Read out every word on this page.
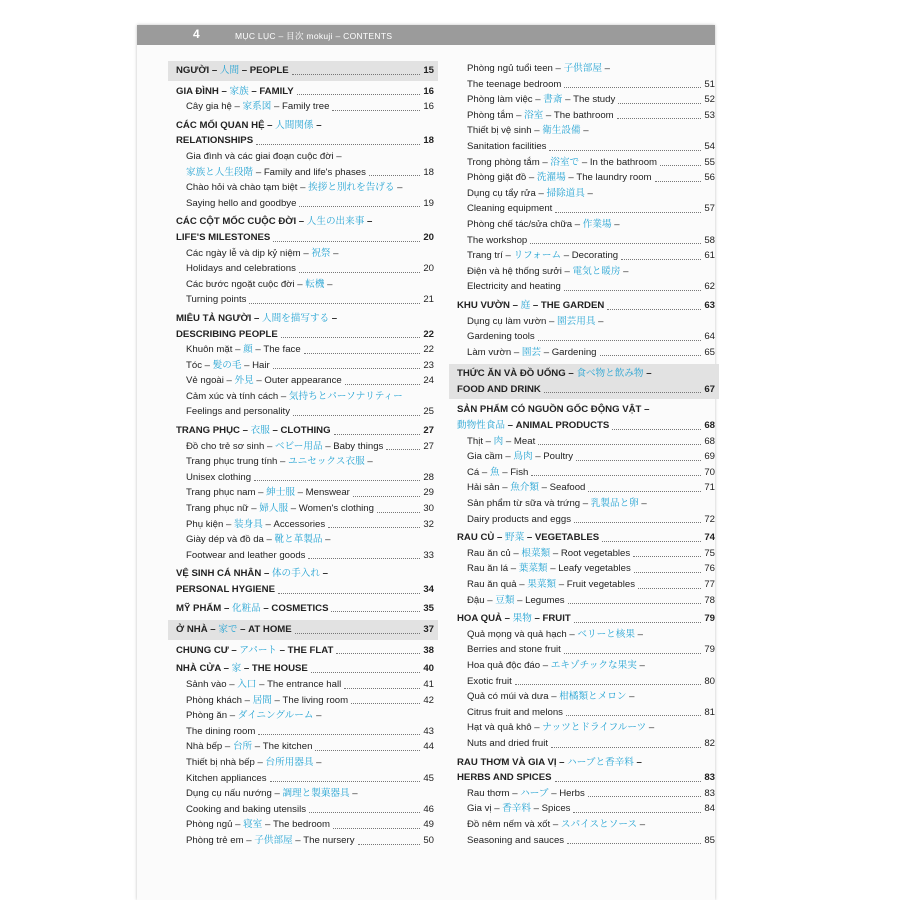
4	MỤC LỤC – 目次 mokuji – CONTENTS
NGƯỜI – 人間 – PEOPLE	15
GIA ĐÌNH – 家族 – FAMILY	16
Cây gia hệ – 家系図 – Family tree	16
CÁC MỐI QUAN HỆ – 人間関係 –
RELATIONSHIPS	18
Gia đình và các giai đoạn cuộc đời –
家族と人生段階 – Family and life's phases	18
Chào hỏi và chào tạm biệt – 挨拶と別れを告げる –
Saying hello and goodbye	19
CÁC CỘT MỐC CUỘC ĐỜI – 人生の出来事 –
LIFE'S MILESTONES	20
Các ngày lễ và dịp kỷ niệm – 祝祭 –
Holidays and celebrations	20
Các bước ngoặt cuộc đời – 転機 –
Turning points	21
MIÊU TẢ NGƯỜI – 人間を描写する –
DESCRIBING PEOPLE	22
Khuôn mặt – 顔 – The face	22
Tóc – 髪の毛 – Hair	23
Vẻ ngoài – 外見 – Outer appearance	24
Cảm xúc và tính cách – 気持ちとパーソナリティー
Feelings and personality	25
TRANG PHỤC – 衣服 – CLOTHING	27
Đồ cho trẻ sơ sinh – ベビー用品 – Baby things	27
Trang phục trung tính – ユニセックス衣服 –
Unisex clothing	28
Trang phục nam – 紳士服 – Menswear	29
Trang phục nữ – 婦人服 – Women's clothing	30
Phụ kiện – 装身具 – Accessories	32
Giày dép và đồ da – 靴と革製品 –
Footwear and leather goods	33
VỆ SINH CÁ NHÂN – 体の手入れ –
PERSONAL HYGIENE	34
MỸ PHẨM – 化粧品 – COSMETICS	35
Ở NHÀ – 家で – AT HOME	37
CHUNG CƯ – アパート – THE FLAT	38
NHÀ CỬA – 家 – THE HOUSE	40
Sảnh vào – 入口 – The entrance hall	41
Phòng khách – 居間 – The living room	42
Phòng ăn – ダイニングルーム –
The dining room	43
Nhà bếp – 台所 – The kitchen	44
Thiết bị nhà bếp – 台所用器具 –
Kitchen appliances	45
Dụng cụ nấu nướng – 調理と製菓器具 –
Cooking and baking utensils	46
Phòng ngủ – 寝室 – The bedroom	49
Phòng trẻ em – 子供部屋 – The nursery	50
Phòng ngủ tuổi teen – 子供部屋 –
The teenage bedroom	51
Phòng làm việc – 書斎 – The study	52
Phòng tắm – 浴室 – The bathroom	53
Thiết bị vệ sinh – 衛生設備 –
Sanitation facilities	54
Trong phòng tắm – 浴室で – In the bathroom	55
Phòng giặt đồ – 洗濯場 – The laundry room	56
Dụng cụ tẩy rửa – 掃除道具 –
Cleaning equipment	57
Phòng chế tác/sửa chữa – 作業場 –
The workshop	58
Trang trí – リフォーム – Decorating	61
Điện và hệ thống sưởi – 電気と暖房 –
Electricity and heating	62
KHU VƯỜN – 庭 – THE GARDEN	63
Dụng cụ làm vườn – 園芸用具 –
Gardening tools	64
Làm vườn – 園芸 – Gardening	65
THỨC ĂN VÀ ĐỒ UỐNG – 食べ物と飲み物 –
FOOD AND DRINK	67
SẢN PHẨM CÓ NGUỒN GỐC ĐỘNG VẬT –
動物性食品 – ANIMAL PRODUCTS	68
Thịt – 肉 – Meat	68
Gia cầm – 鳥肉 – Poultry	69
Cá – 魚 – Fish	70
Hải sản – 魚介類 – Seafood	71
Sản phẩm từ sữa và trứng – 乳製品と卵 –
Dairy products and eggs	72
RAU CỦ – 野菜 – VEGETABLES	74
Rau ăn củ – 根菜類 – Root vegetables	75
Rau ăn lá – 葉菜類 – Leafy vegetables	76
Rau ăn quả – 果菜類 – Fruit vegetables	77
Đậu – 豆類 – Legumes	78
HOA QUẢ – 果物 – FRUIT	79
Quả mọng và quả hạch – ベリーと核果 –
Berries and stone fruit	79
Hoa quả độc đáo – エキゾチックな果実 –
Exotic fruit	80
Quả có múi và dưa – 柑橘類とメロン –
Citrus fruit and melons	81
Hạt và quả khô – ナッツとドライフルーツ –
Nuts and dried fruit	82
RAU THƠM VÀ GIA VỊ – ハーブと香辛料 –
HERBS AND SPICES	83
Rau thơm – ハーブ – Herbs	83
Gia vị – 香辛料 – Spices	84
Đồ nêm nếm và xốt – スパイスとソース –
Seasoning and sauces	85
